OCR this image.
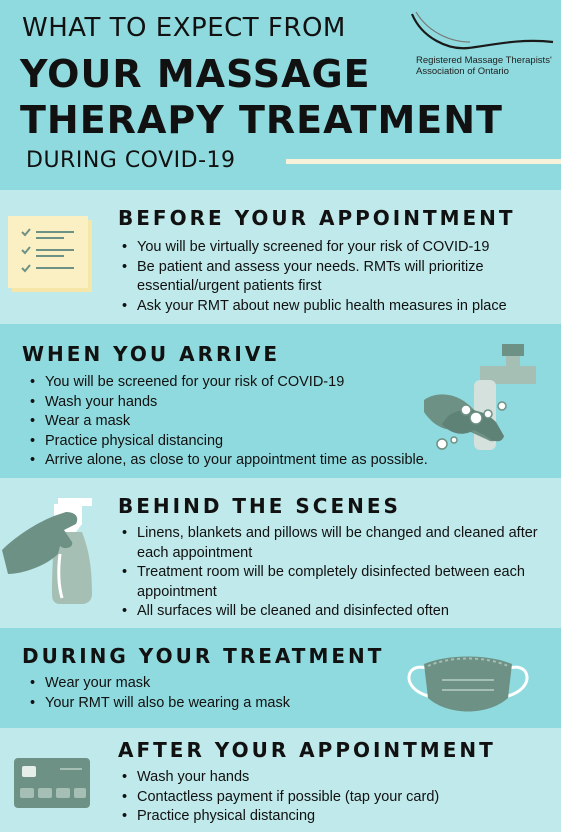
WHAT TO EXPECT FROM
YOUR MASSAGE
THERAPY TREATMENT
DURING COVID-19
Registered Massage Therapists'
Association of Ontario
BEFORE YOUR APPOINTMENT
• You will be virtually screened for your risk of COVID-19
• Be patient and assess your needs. RMTs will prioritize essential/urgent patients first
• Ask your RMT about new public health measures in place
WHEN YOU ARRIVE
• You will be screened for your risk of COVID-19
• Wash your hands
• Wear a mask
• Practice physical distancing
• Arrive alone, as close to your appointment time as possible.
BEHIND THE SCENES
• Linens, blankets and pillows will be changed and cleaned after each appointment
• Treatment room will be completely disinfected between each appointment
• All surfaces will be cleaned and disinfected often
DURING YOUR TREATMENT
• Wear your mask
• Your RMT will also be wearing a mask
AFTER YOUR APPOINTMENT
• Wash your hands
• Contactless payment if possible (tap your card)
• Practice physical distancing
